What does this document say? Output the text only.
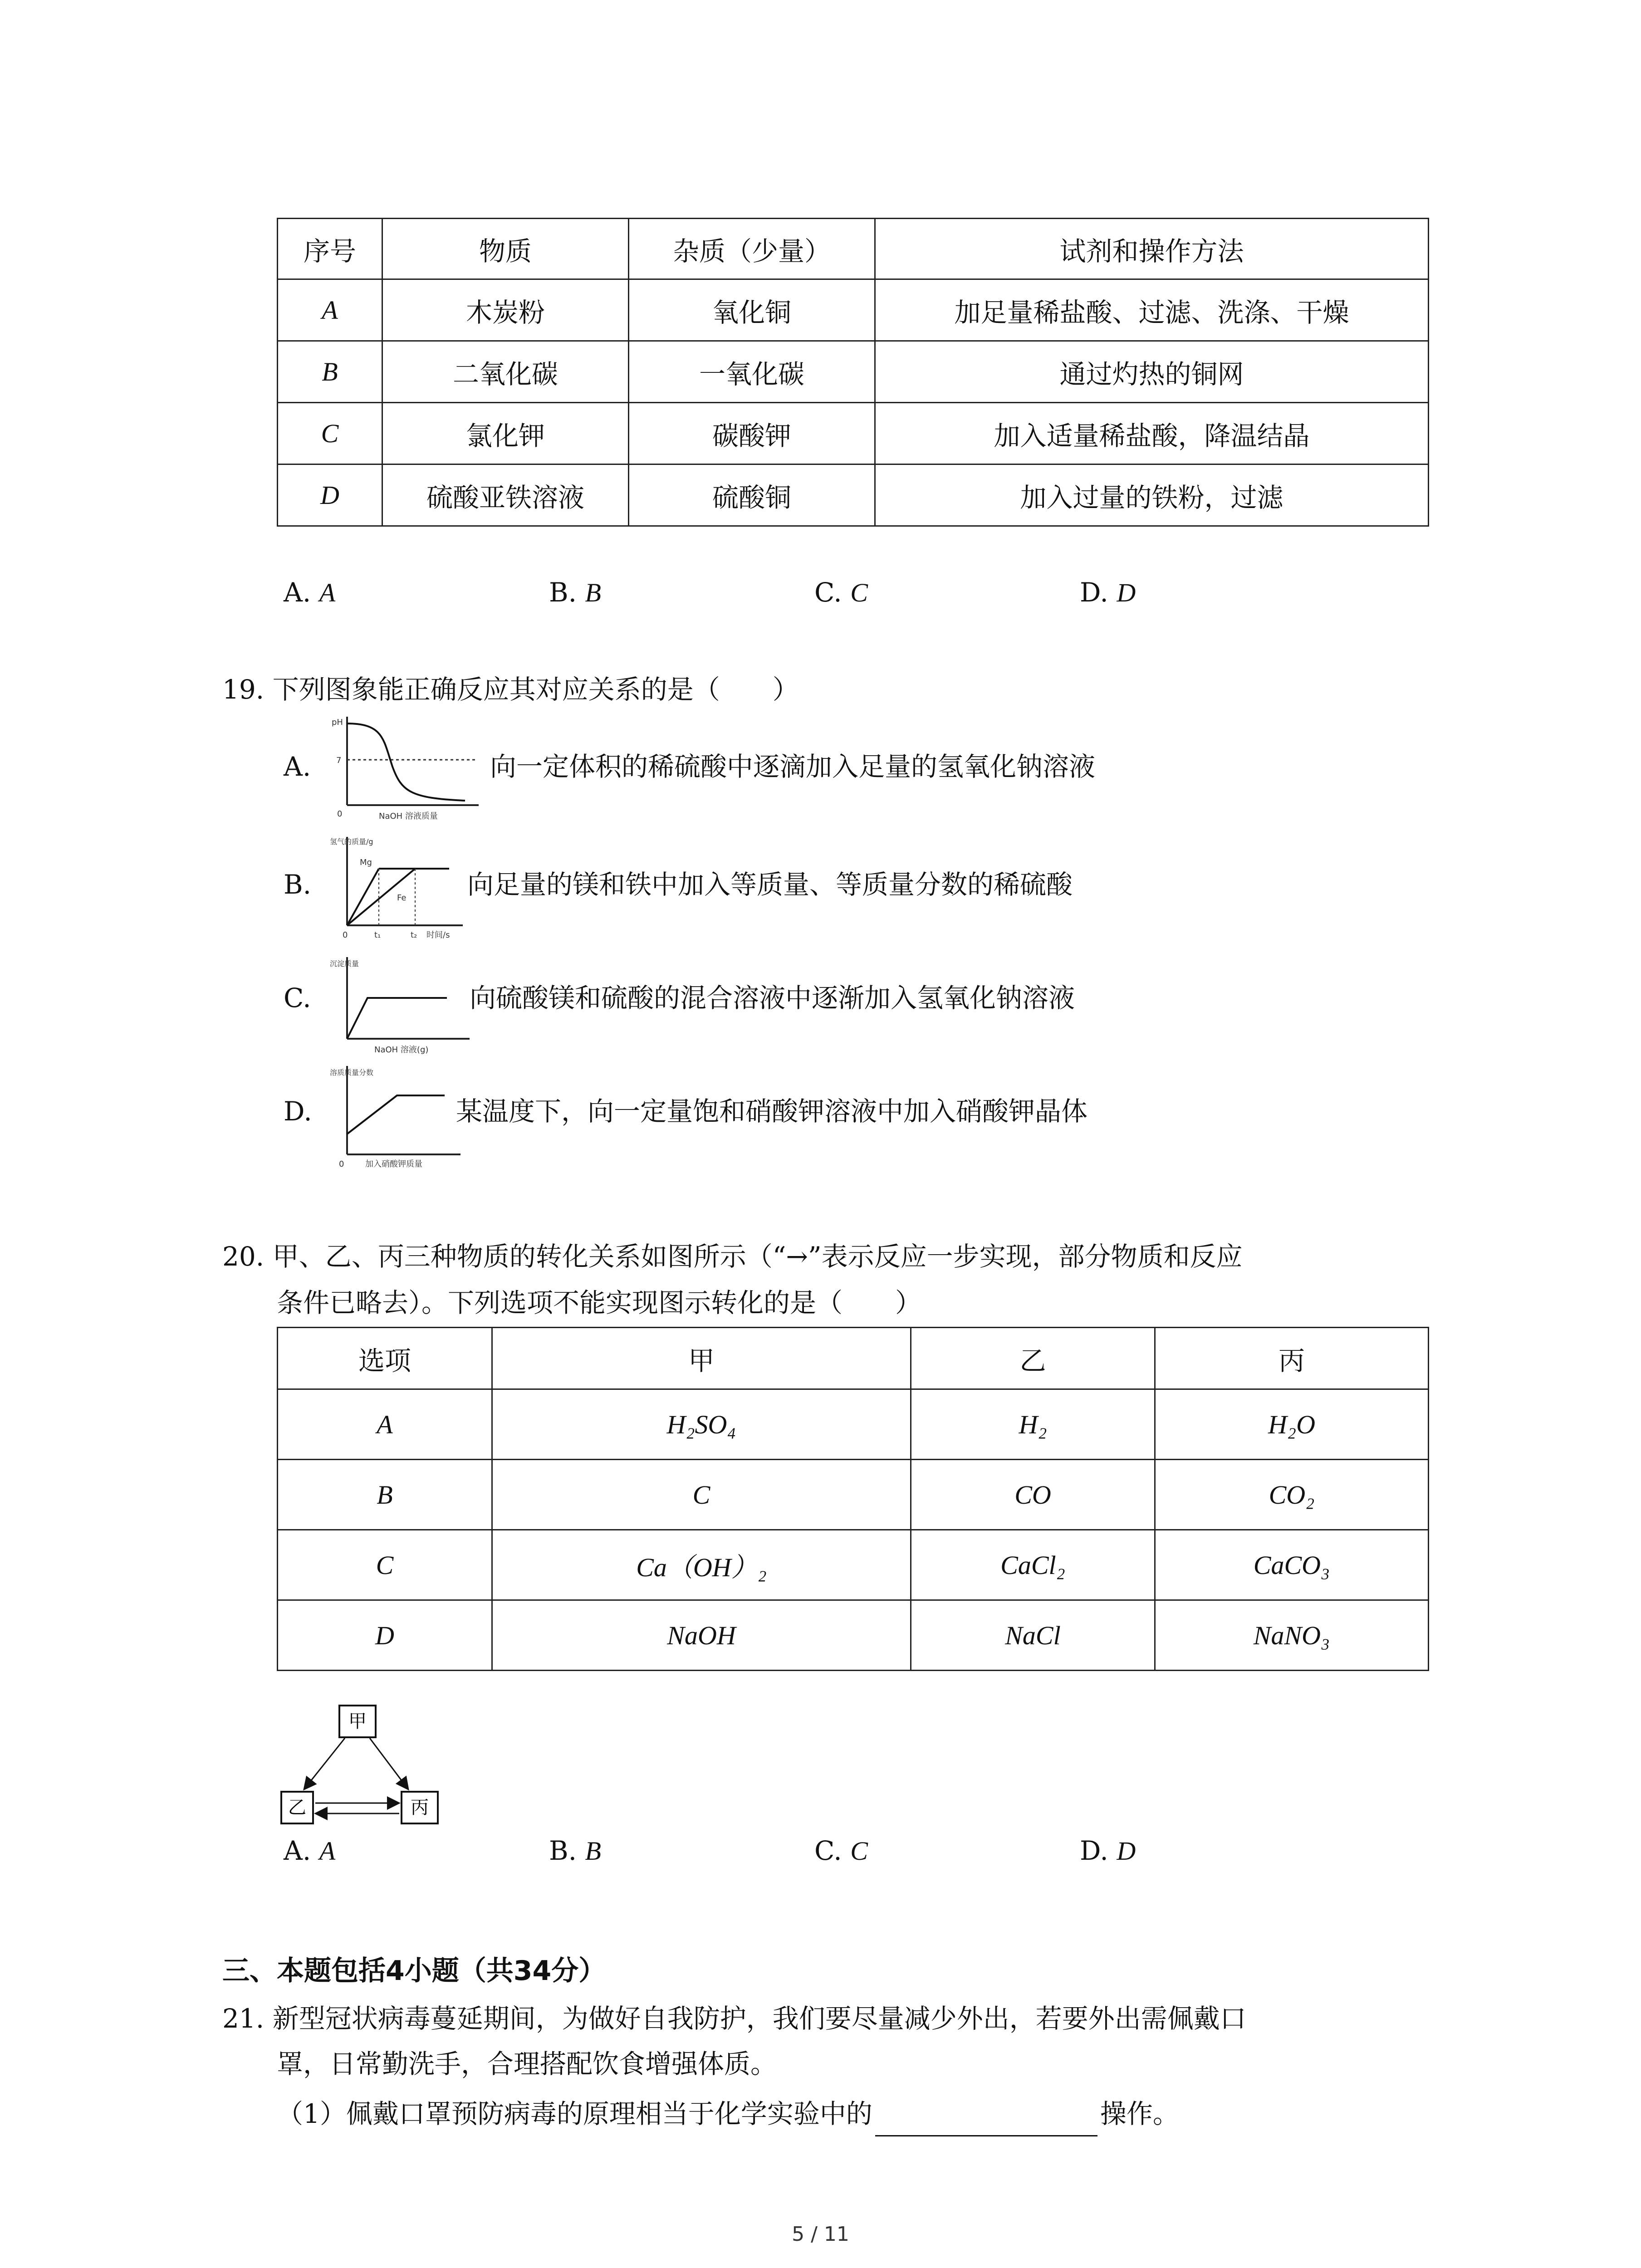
序号	物质	杂质（少量）	试剂和操作方法
A	木炭粉	氧化铜	加足量稀盐酸、过滤、洗涤、干燥
B	二氧化碳	一氧化碳	通过灼热的铜网
C	氯化钾	碳酸钾	加入适量稀盐酸，降温结晶
D	硫酸亚铁溶液	硫酸铜	加入过量的铁粉，过滤
A. A	B. B	C. C	D. D
19. 下列图象能正确反应其对应关系的是（　　）
A.
pH
7
0	NaOH 溶液质量
向一定体积的稀硫酸中逐滴加入足量的氢氧化钠溶液
B.
氢气的质量/g
Mg
Fe
0	t₁	t₂ 时间/s
向足量的镁和铁中加入等质量、等质量分数的稀硫酸
C.
沉淀质量
NaOH 溶液(g)
向硫酸镁和硫酸的混合溶液中逐渐加入氢氧化钠溶液
D.
溶质质量分数
0	加入硝酸钾质量
某温度下，向一定量饱和硝酸钾溶液中加入硝酸钾晶体
20. 甲、乙、丙三种物质的转化关系如图所示（“→”表示反应一步实现，部分物质和反应
条件已略去）。下列选项不能实现图示转化的是（　　）
选项	甲	乙	丙
A	H₂SO₄	H₂	H₂O
B	C	CO	CO₂
C	Ca（OH）₂	CaCl₂	CaCO₃
D	NaOH	NaCl	NaNO₃
甲
乙	丙
A. A	B. B	C. C	D. D
三、本题包括4小题（共34分）
21. 新型冠状病毒蔓延期间，为做好自我防护，我们要尽量减少外出，若要外出需佩戴口
罩，日常勤洗手，合理搭配饮食增强体质。
（1）佩戴口罩预防病毒的原理相当于化学实验中的	操作。
5 / 11
